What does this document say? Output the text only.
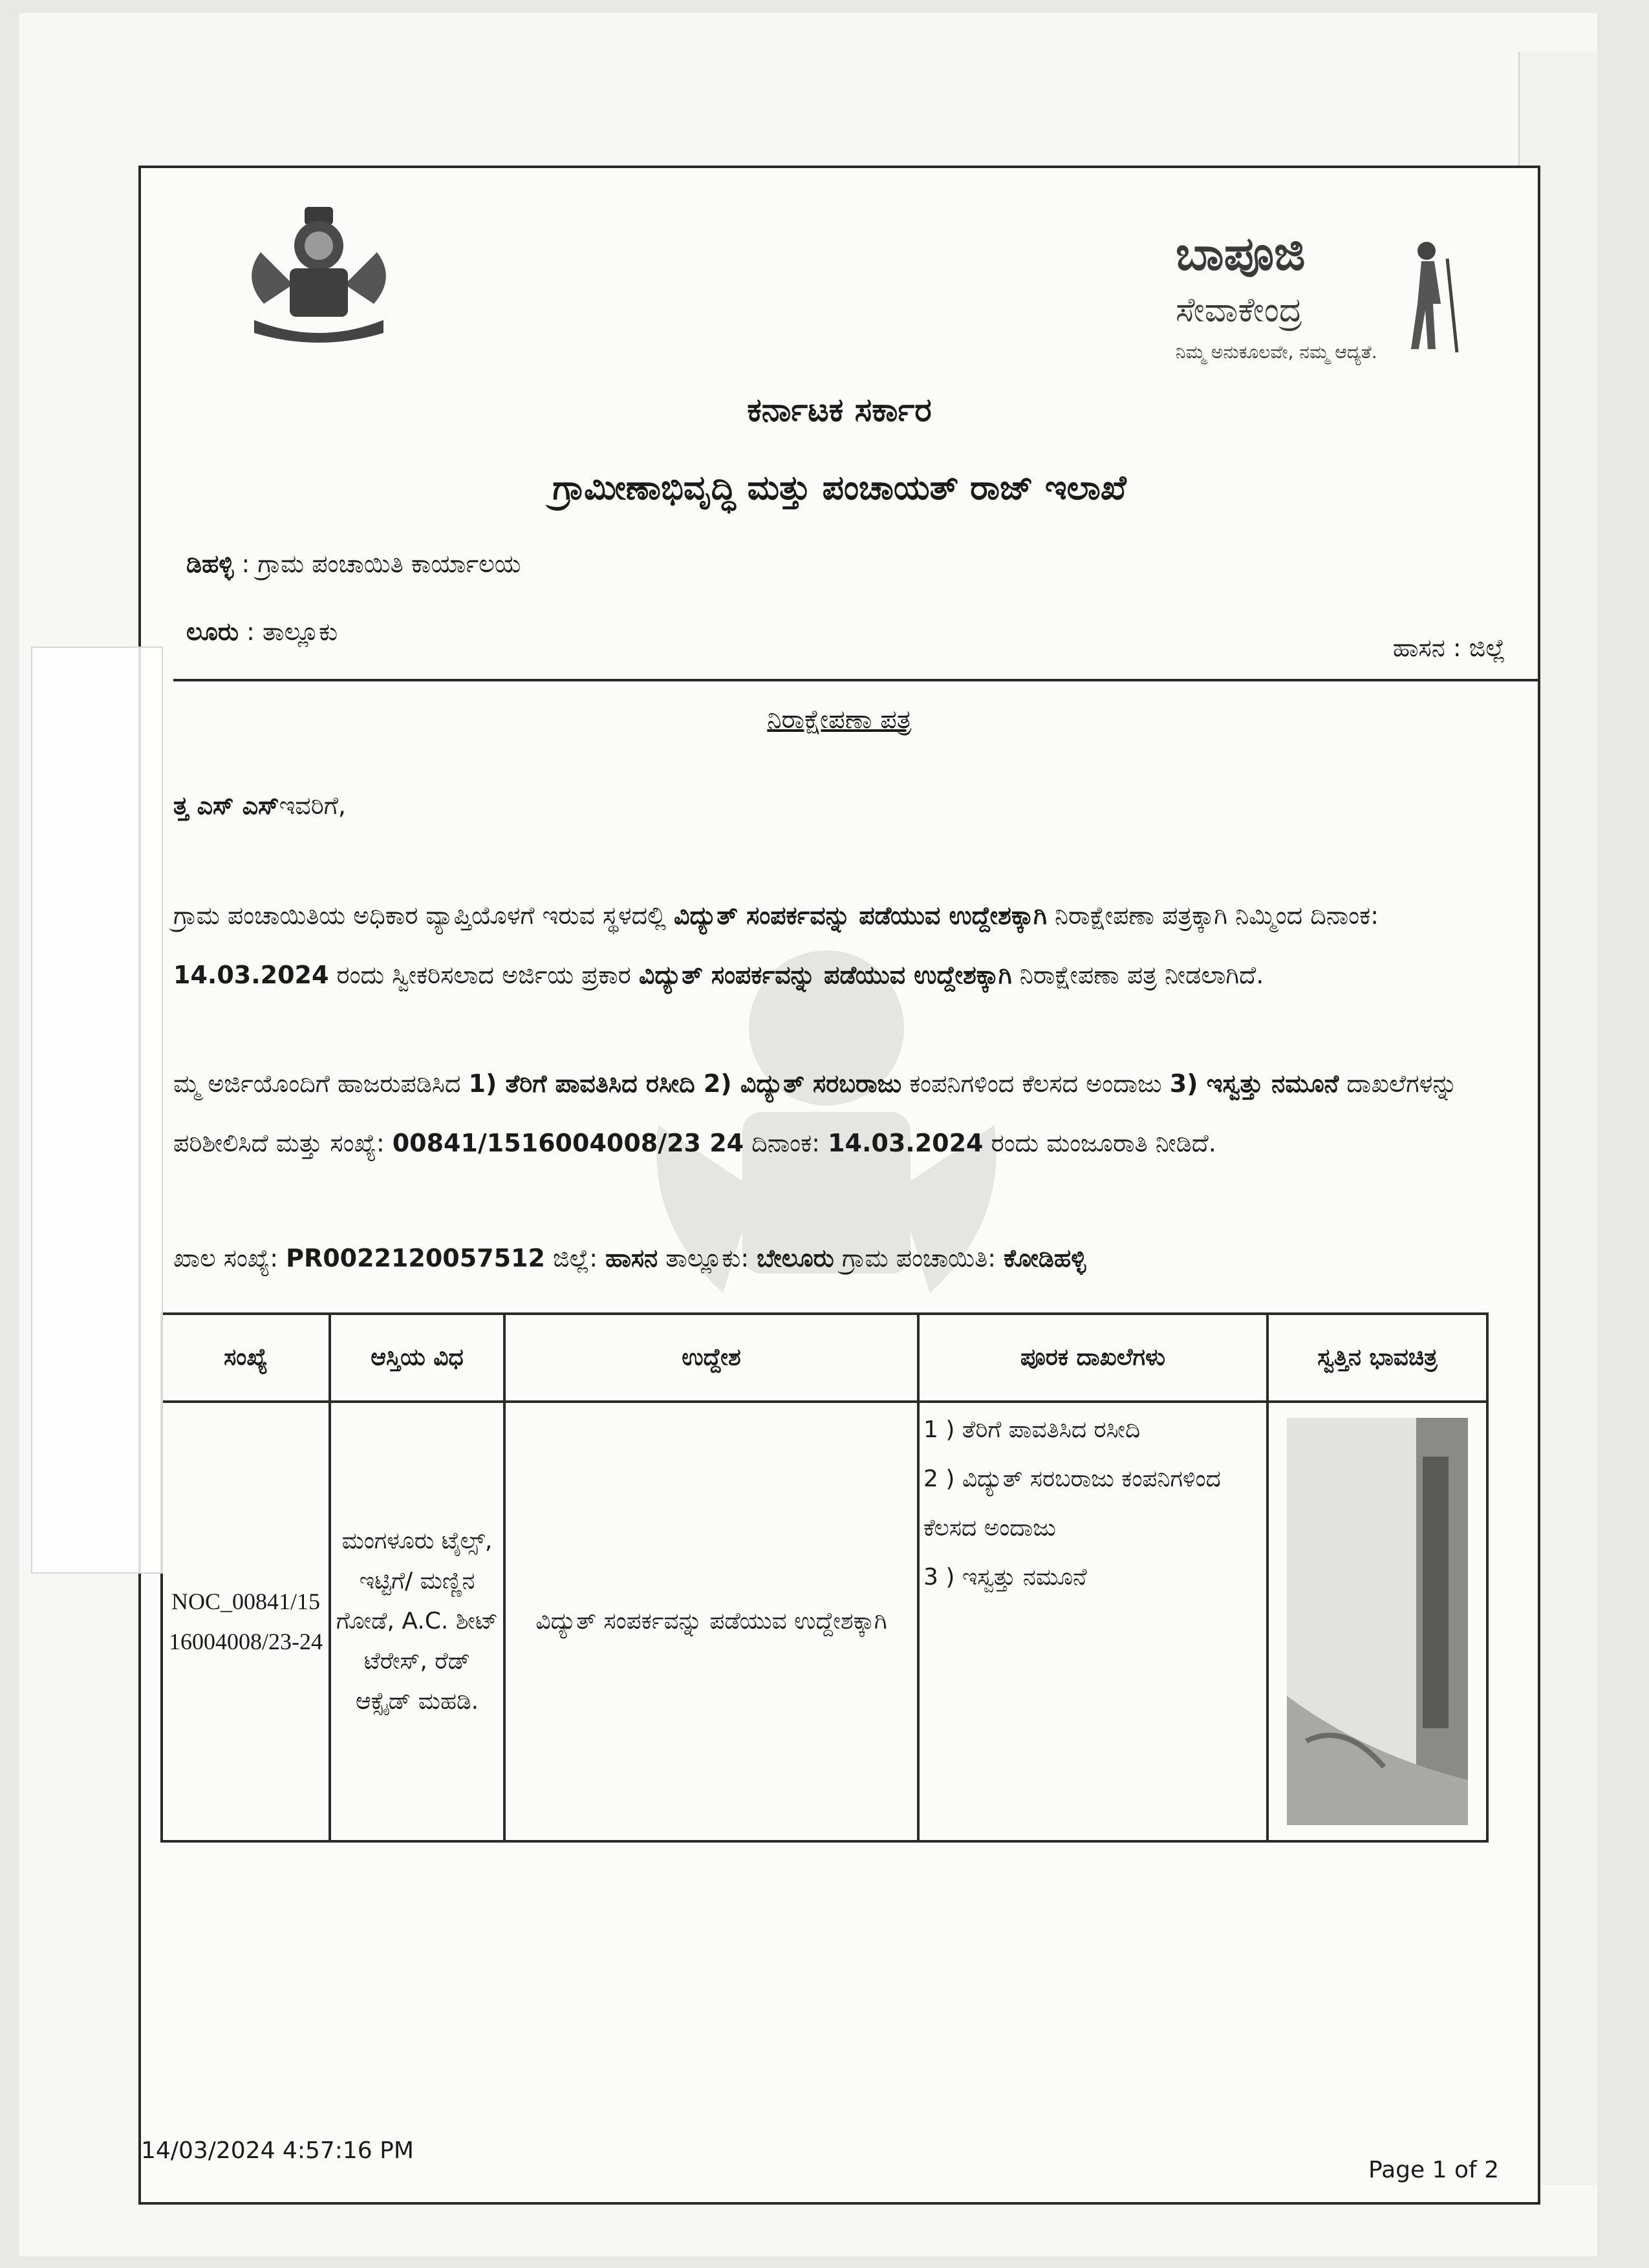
ಬಾಪೂಜಿ
ಸೇವಾಕೇಂದ್ರ
ನಿಮ್ಮ ಅನುಕೂಲವೇ, ನಮ್ಮ ಆದ್ಯತೆ.
ಕರ್ನಾಟಕ ಸರ್ಕಾರ
ಗ್ರಾಮೀಣಾಭಿವೃದ್ಧಿ ಮತ್ತು ಪಂಚಾಯತ್ ರಾಜ್ ಇಲಾಖೆ
ಡಿಹಳ್ಳಿ : ಗ್ರಾಮ ಪಂಚಾಯಿತಿ ಕಾರ್ಯಾಲಯ
ಲೂರು : ತಾಲ್ಲೂಕು
ಹಾಸನ : ಜಿಲ್ಲೆ
ನಿರಾಕ್ಷೇಪಣಾ ಪತ್ರ
ತ್ತ ಎಸ್ ಎಸ್ಇವರಿಗೆ,
ಗ್ರಾಮ ಪಂಚಾಯಿತಿಯ ಅಧಿಕಾರ ವ್ಯಾಪ್ತಿಯೊಳಗೆ ಇರುವ ಸ್ಥಳದಲ್ಲಿ ವಿದ್ಯುತ್ ಸಂಪರ್ಕವನ್ನು ಪಡೆಯುವ ಉದ್ದೇಶಕ್ಕಾಗಿ ನಿರಾಕ್ಷೇಪಣಾ ಪತ್ರಕ್ಕಾಗಿ ನಿಮ್ಮಿಂದ ದಿನಾಂಕ: 14.03.2024 ರಂದು ಸ್ವೀಕರಿಸಲಾದ ಅರ್ಜಿಯ ಪ್ರಕಾರ ವಿದ್ಯುತ್ ಸಂಪರ್ಕವನ್ನು ಪಡೆಯುವ ಉದ್ದೇಶಕ್ಕಾಗಿ ನಿರಾಕ್ಷೇಪಣಾ ಪತ್ರ ನೀಡಲಾಗಿದೆ.
ಮ್ಮ ಅರ್ಜಿಯೊಂದಿಗೆ ಹಾಜರುಪಡಿಸಿದ 1) ತೆರಿಗೆ ಪಾವತಿಸಿದ ರಸೀದಿ 2) ವಿದ್ಯುತ್ ಸರಬರಾಜು ಕಂಪನಿಗಳಿಂದ ಕೆಲಸದ ಅಂದಾಜು 3) ಇಸ್ವತ್ತು ನಮೂನೆ ದಾಖಲೆಗಳನ್ನು ಪರಿಶೀಲಿಸಿದೆ ಮತ್ತು ಸಂಖ್ಯೆ: 00841/1516004008/23 24 ದಿನಾಂಕ: 14.03.2024 ರಂದು ಮಂಜೂರಾತಿ ನೀಡಿದೆ.
ಖಾಲ ಸಂಖ್ಯೆ: PR0022120057512 ಜಿಲ್ಲೆ: ಹಾಸನ ತಾಲ್ಲೂಕು: ಬೇಲೂರು ಗ್ರಾಮ ಪಂಚಾಯಿತಿ: ಕೋಡಿಹಳ್ಳಿ
ಸಂಖ್ಯೆ	ಆಸ್ತಿಯ ವಿಧ	ಉದ್ದೇಶ	ಪೂರಕ ದಾಖಲೆಗಳು	ಸ್ವತ್ತಿನ ಭಾವಚಿತ್ರ
NOC_00841/1516004008/23-24	ಮಂಗಳೂರು ಟೈಲ್ಸ್, ಇಟ್ಟಿಗೆ/ ಮಣ್ಣಿನ ಗೋಡೆ, A.C. ಶೀಟ್ ಟೆರೇಸ್, ರೆಡ್ ಆಕ್ಸೈಡ್ ಮಹಡಿ.	ವಿದ್ಯುತ್ ಸಂಪರ್ಕವನ್ನು ಪಡೆಯುವ ಉದ್ದೇಶಕ್ಕಾಗಿ	1 ) ತೆರಿಗೆ ಪಾವತಿಸಿದ ರಸೀದಿ
2 ) ವಿದ್ಯುತ್ ಸರಬರಾಜು ಕಂಪನಿಗಳಿಂದ ಕೆಲಸದ ಅಂದಾಜು
3 ) ಇಸ್ವತ್ತು ನಮೂನೆ

14/03/2024 4:57:16 PM
Page 1 of 2
